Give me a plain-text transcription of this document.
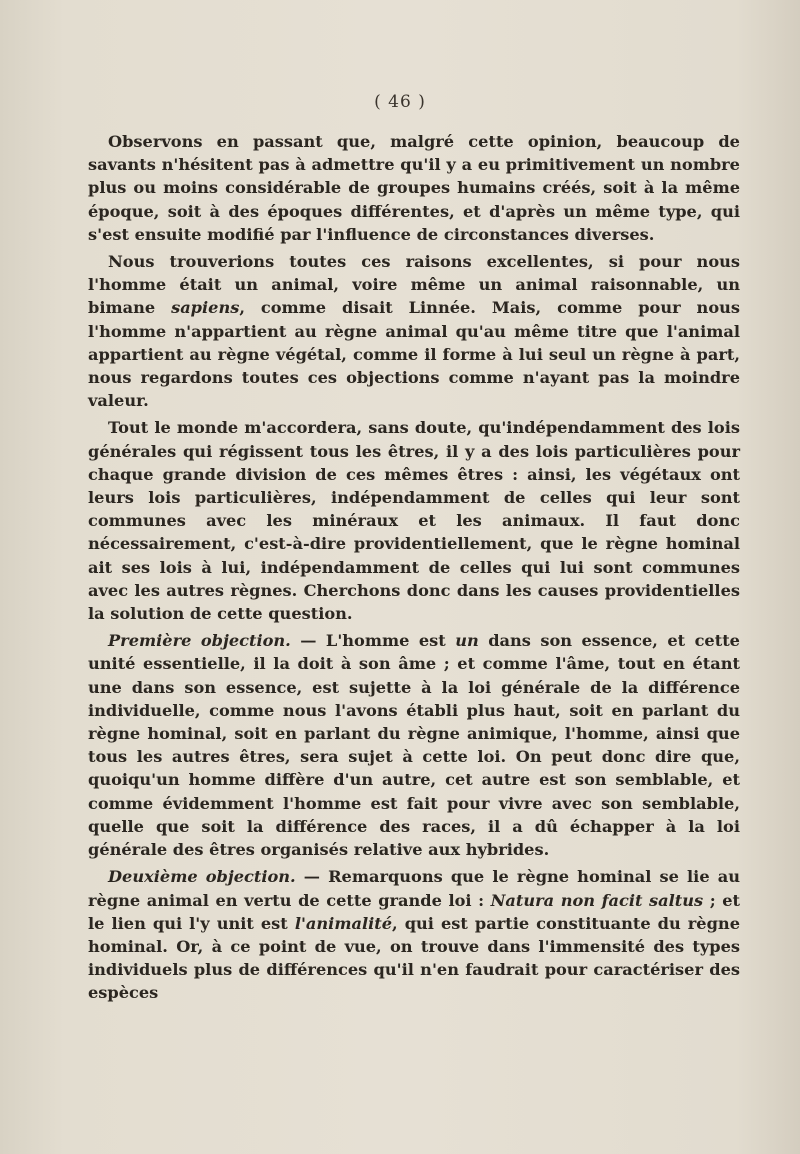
( 46 )

Observons en passant que, malgré cette opinion, beaucoup de savants n'hésitent pas à admettre qu'il y a eu primitivement un nombre plus ou moins considérable de groupes humains créés, soit à la même époque, soit à des époques différentes, et d'après un même type, qui s'est ensuite modifié par l'influence de circonstances diverses.

Nous trouverions toutes ces raisons excellentes, si pour nous l'homme était un animal, voire même un animal raisonnable, un bimane sapiens, comme disait Linnée. Mais, comme pour nous l'homme n'appartient au règne animal qu'au même titre que l'animal appartient au règne végétal, comme il forme à lui seul un règne à part, nous regardons toutes ces objections comme n'ayant pas la moindre valeur.

Tout le monde m'accordera, sans doute, qu'indépendamment des lois générales qui régissent tous les êtres, il y a des lois particulières pour chaque grande division de ces mêmes êtres : ainsi, les végétaux ont leurs lois particulières, indépendamment de celles qui leur sont communes avec les minéraux et les animaux. Il faut donc nécessairement, c'est-à-dire providentiellement, que le règne hominal ait ses lois à lui, indépendamment de celles qui lui sont communes avec les autres règnes. Cherchons donc dans les causes providentielles la solution de cette question.

Première objection. — L'homme est un dans son essence, et cette unité essentielle, il la doit à son âme ; et comme l'âme, tout en étant une dans son essence, est sujette à la loi générale de la différence individuelle, comme nous l'avons établi plus haut, soit en parlant du règne hominal, soit en parlant du règne animique, l'homme, ainsi que tous les autres êtres, sera sujet à cette loi. On peut donc dire que, quoiqu'un homme diffère d'un autre, cet autre est son semblable, et comme évidemment l'homme est fait pour vivre avec son semblable, quelle que soit la différence des races, il a dû échapper à la loi générale des êtres organisés relative aux hybrides.

Deuxième objection. — Remarquons que le règne hominal se lie au règne animal en vertu de cette grande loi : Natura non facit saltus ; et le lien qui l'y unit est l'animalité, qui est partie constituante du règne hominal. Or, à ce point de vue, on trouve dans l'immensité des types individuels plus de différences qu'il n'en faudrait pour caractériser des espèces
